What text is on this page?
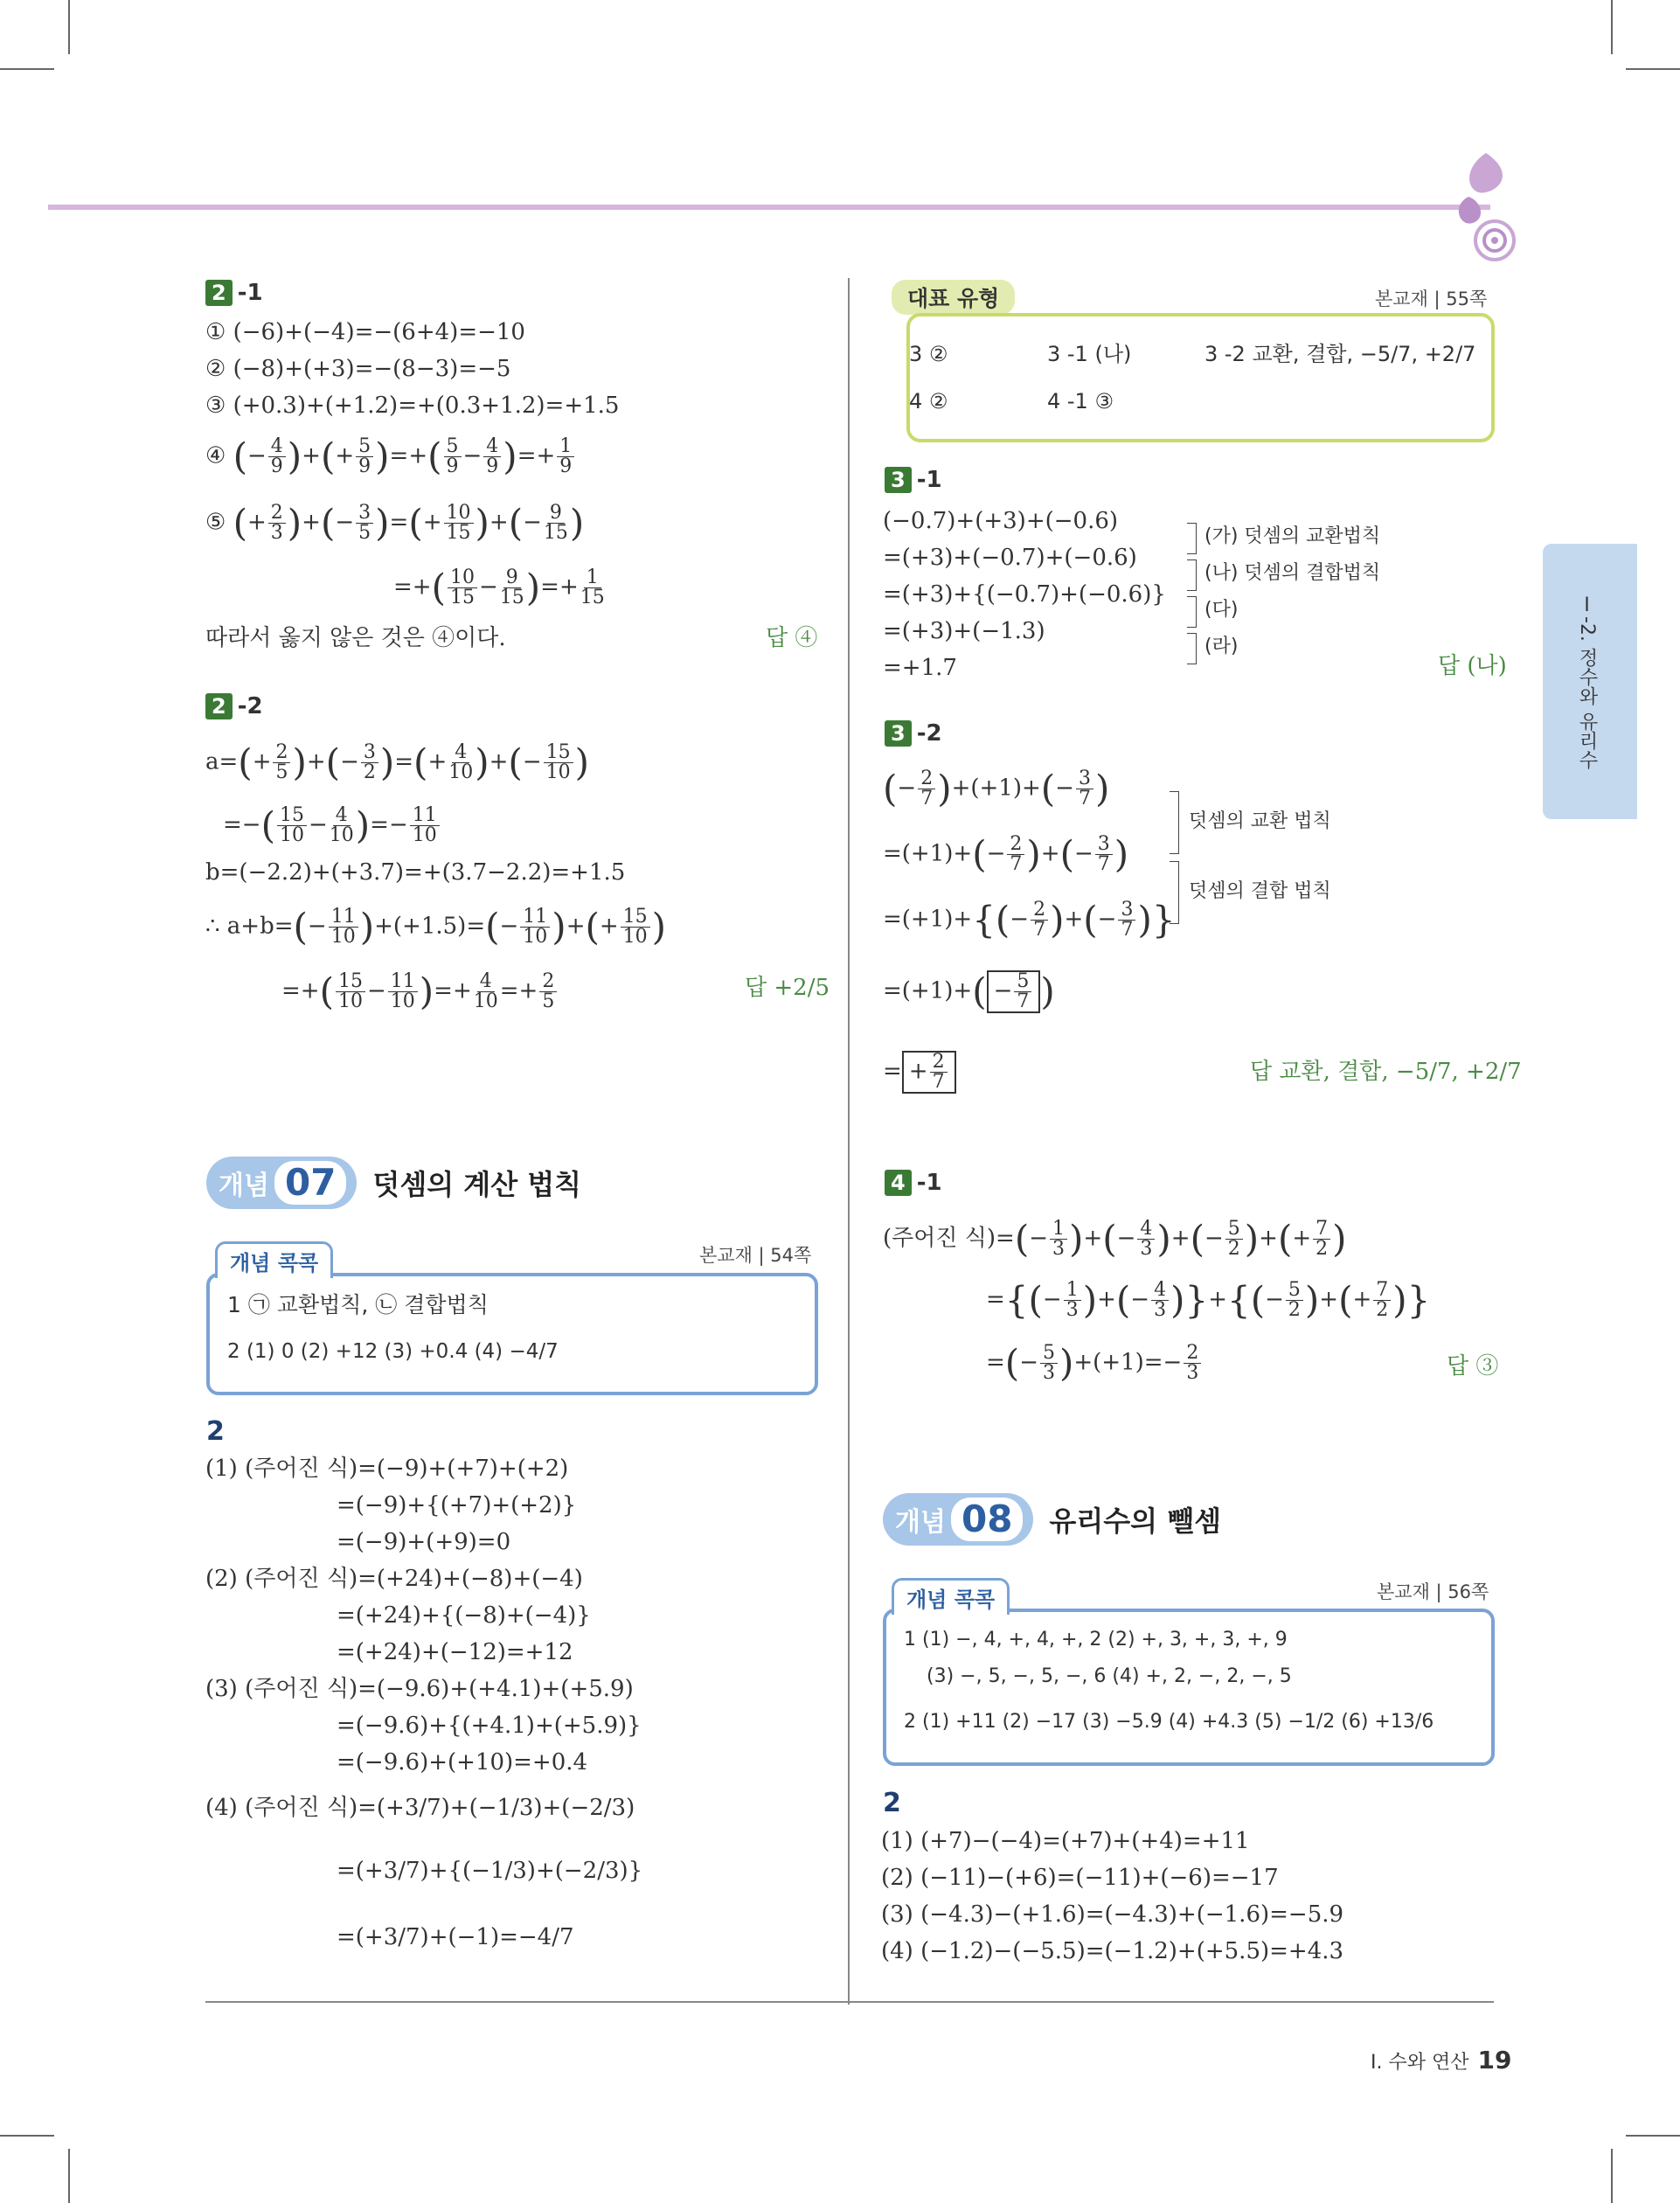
2 -1
① (−6)+(−4)=−(6+4)=−10
② (−8)+(+3)=−(8−3)=−5
③ (+0.3)+(+1.2)=+(0.3+1.2)=+1.5
④ (− $\frac{4}{9}$ )+(+ $\frac{5}{9}$ )=+( $\frac{5}{9} - \frac{4}{9}$ )=+ $\frac{1}{9}$
⑤ (+ $\frac{2}{3}$ )+(− $\frac{3}{5}$ )=(+ $\frac{10}{15}$ )+(− $\frac{9}{15}$ )
=+( $\frac{10}{15} - \frac{9}{15}$ )=+ $\frac{1}{15}$
따라서 옳지 않은 것은 ④이다.	답 ④
2 -2
$a=(+ \frac{2}{5}$ )+(− $\frac{3}{2}$ )=(+ $\frac{4}{10}$ )+(− $\frac{15}{10}$ )
=−( $\frac{15}{10} - \frac{4}{10}$ )=− $\frac{11}{10}$
b=(−2.2)+(+3.7)=+(3.7−2.2)=+1.5
∴ $a+b=(- \frac{11}{10} )+(+1.5)=(- \frac{11}{10}$ )+(+ $\frac{15}{10}$ )
=+( $\frac{15}{10} - \frac{11}{10}$ )=+ $\frac{4}{10} =+ \frac{2}{5}$	답 +2/5
개념 07	덧셈의 계산 법칙
본교재 | 54쪽
개념 콕콕
1 ㉠ 교환법칙, ㉡ 결합법칙
2 (1) 0 (2) +12 (3) +0.4 (4) −4/7
2
(1) (주어진 식)=(−9)+(+7)+(+2)
=(−9)+{(+7)+(+2)}
=(−9)+(+9)=0
(2) (주어진 식)=(+24)+(−8)+(−4)
=(+24)+{(−8)+(−4)}
=(+24)+(−12)=+12
(3) (주어진 식)=(−9.6)+(+4.1)+(+5.9)
=(−9.6)+{(+4.1)+(+5.9)}
=(−9.6)+(+10)=+0.4
(4) (주어진 식)=(+3/7)+(−1/3)+(−2/3)
=(+3/7)+{(−1/3)+(−2/3)}
=(+3/7)+(−1)=−4/7
대표 유형	본교재 | 55쪽
3 ②	3 -1 (나)	3 -2 교환, 결합, −5/7, +2/7
4 ②	4 -1 ③
3 -1
(−0.7)+(+3)+(−0.6)
=(+3)+(−0.7)+(−0.6)
=(+3)+{(−0.7)+(−0.6)}
=(+3)+(−1.3)
=+1.7
(가) 덧셈의 교환법칙
(나) 덧셈의 결합법칙
(다)
(라)
답 (나)
3 -2
(− $\frac{2}{7} )+(+1)+(- \frac{3}{7}$ )
$=(+1)+(- \frac{2}{7}$ )+(− $\frac{3}{7}$ )
$=(+1)+\{(- \frac{2}{7}$ )+(− $\frac{3}{7}$ )}
$=(+1)+( - \frac{5}{7}$ )
= + $\frac{2}{7}$
덧셈의 교환 법칙
덧셈의 결합 법칙
답 교환, 결합, −5/7, +2/7
4 -1
(주어진 식)=(− $\frac{1}{3}$ )+(− $\frac{4}{3}$ )+(− $\frac{5}{2}$ )+(+ $\frac{7}{2}$ )
={(− $\frac{1}{3}$ )+(− $\frac{4}{3}$ )}+{(− $\frac{5}{2}$ )+(+ $\frac{7}{2}$ )}
=(− $\frac{5}{3} )+(+1)=- \frac{2}{3}$	답 ③
개념 08	유리수의 뺄셈
본교재 | 56쪽
개념 콕콕
1 (1) −, 4, +, 4, +, 2 (2) +, 3, +, 3, +, 9
(3) −, 5, −, 5, −, 6 (4) +, 2, −, 2, −, 5
2 (1) +11 (2) −17 (3) −5.9 (4) +4.3 (5) −1/2 (6) +13/6
2
(1) (+7)−(−4)=(+7)+(+4)=+11
(2) (−11)−(+6)=(−11)+(−6)=−17
(3) (−4.3)−(+1.6)=(−4.3)+(−1.6)=−5.9
(4) (−1.2)−(−5.5)=(−1.2)+(+5.5)=+4.3
Ⅰ-2. 정수와 유리수
Ⅰ. 수와 연산 19
